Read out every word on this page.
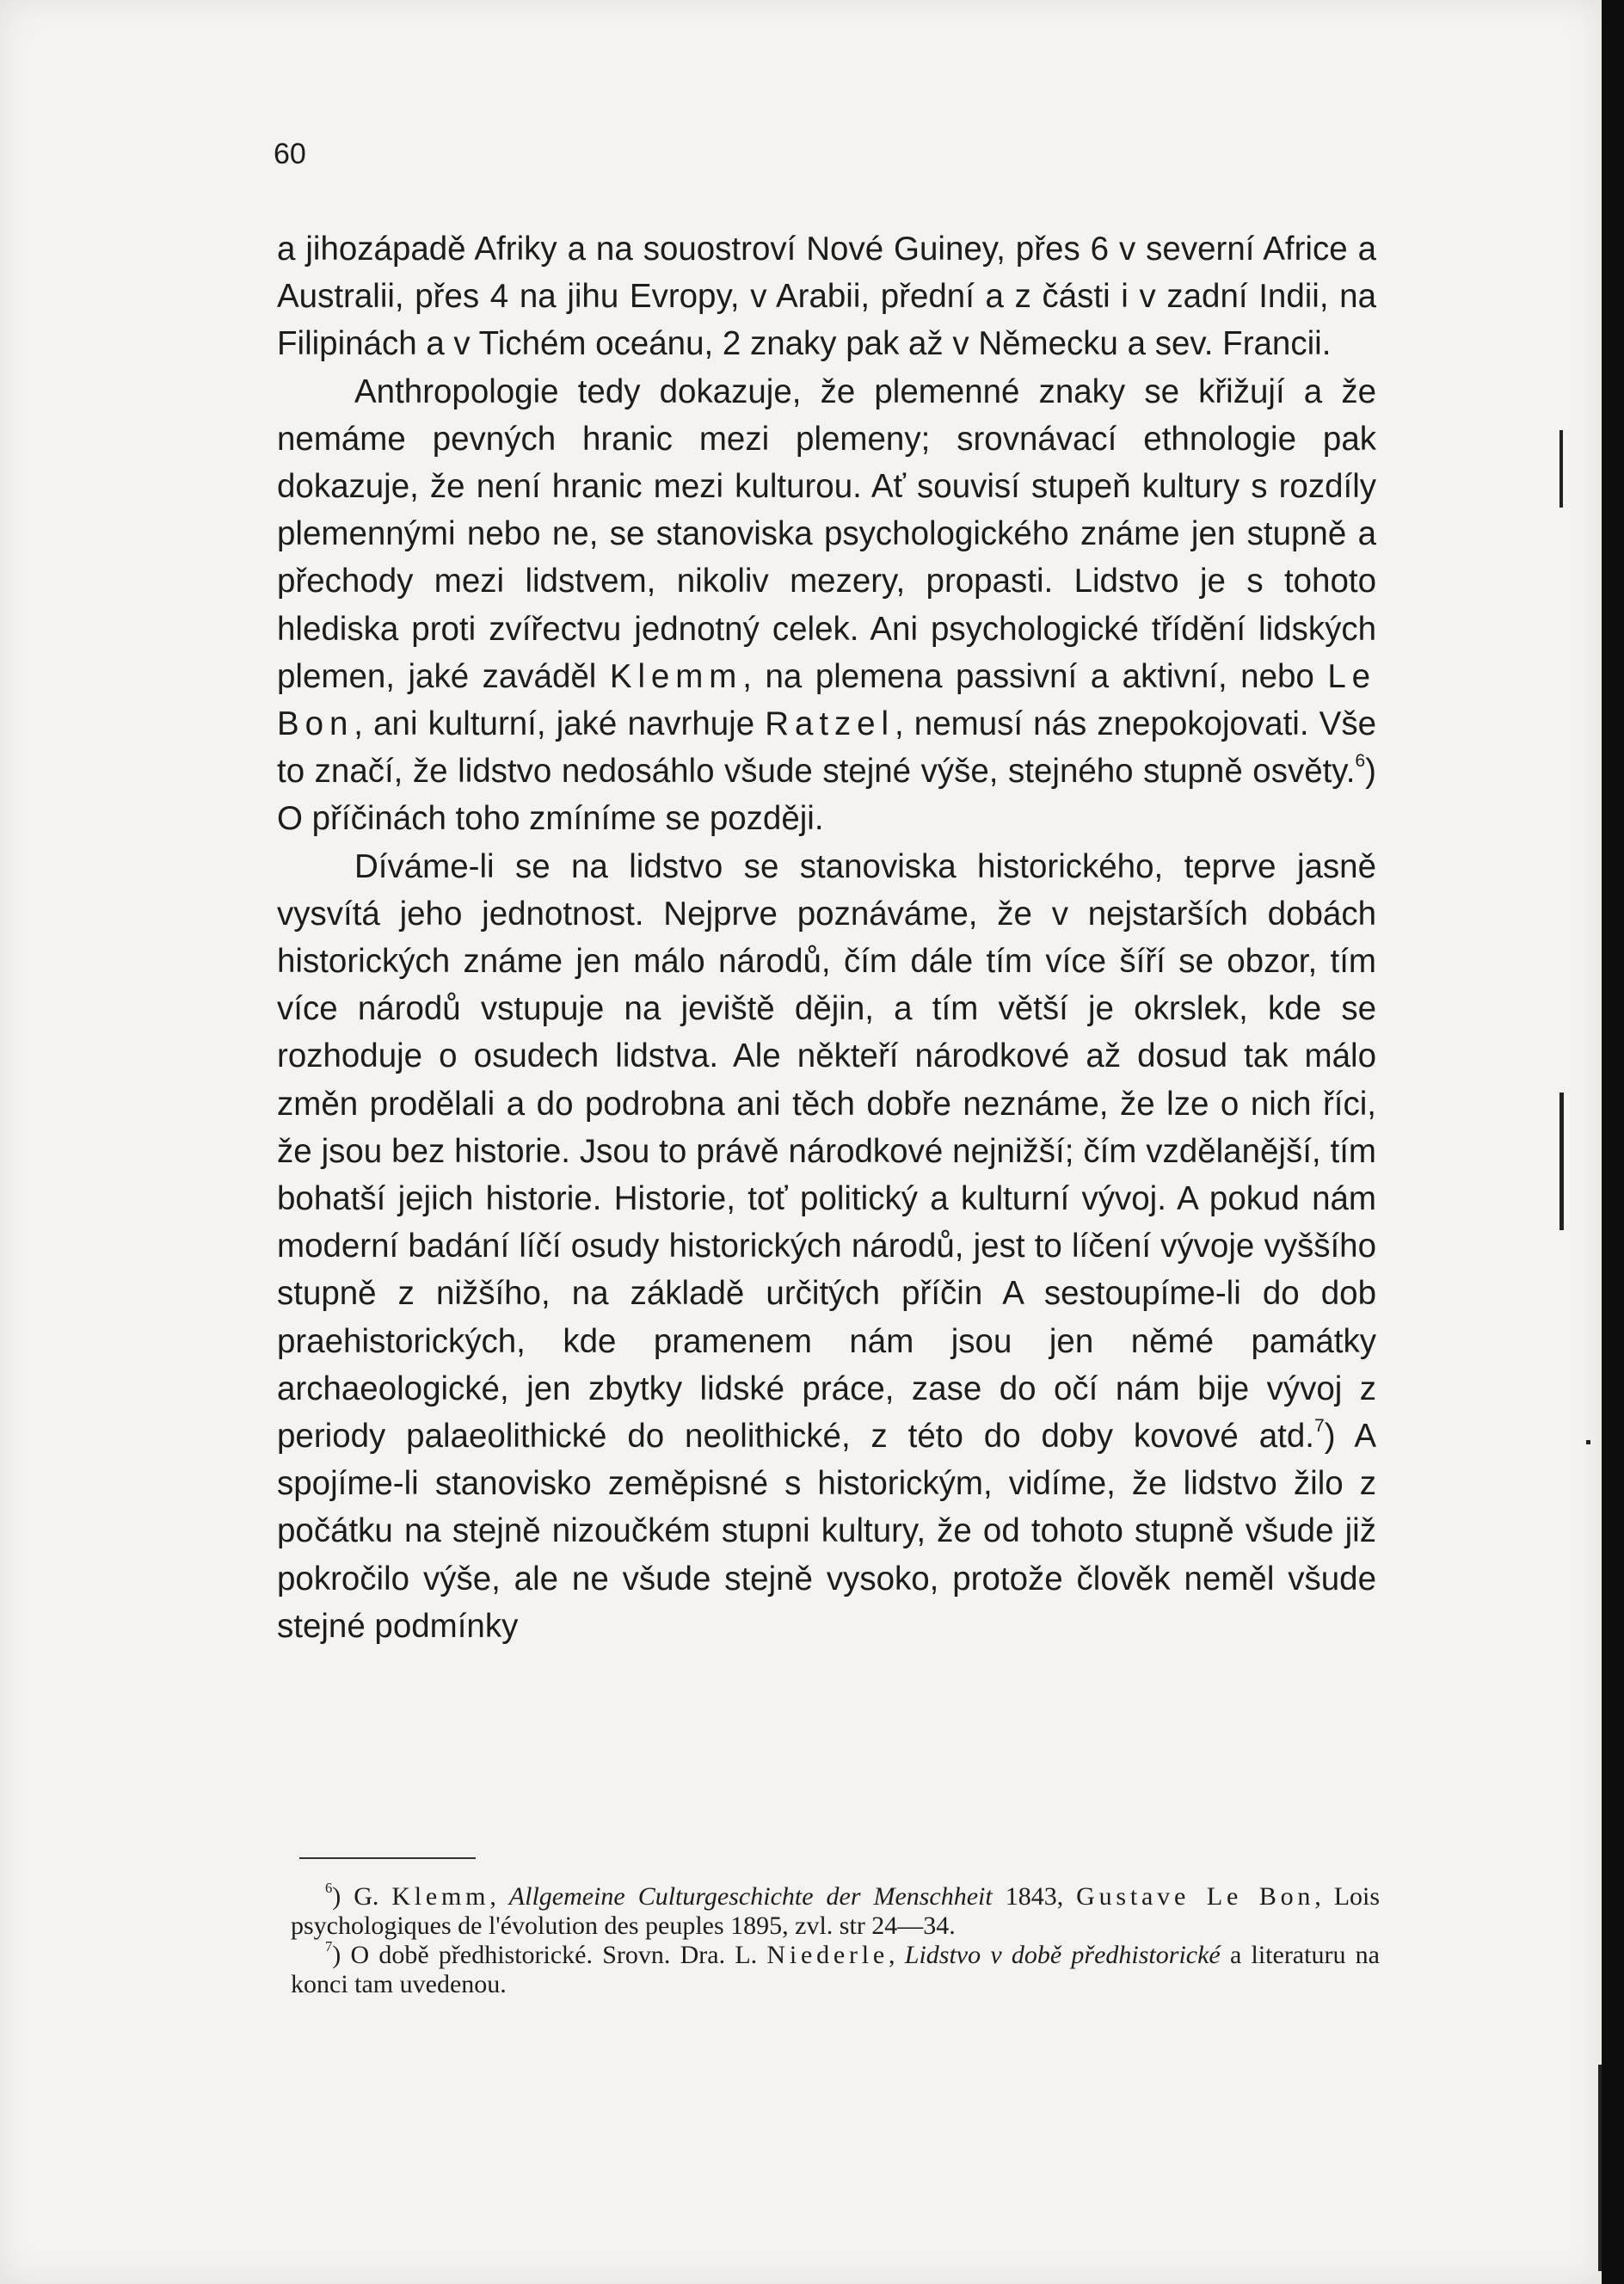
60

a jihozápadě Afriky a na souostroví Nové Guiney, přes 6 v severní Africe a Australii, přes 4 na jihu Evropy, v Arabii, přední a z části i v zadní Indii, na Filipinách a v Tichém oceánu, 2 znaky pak až v Německu a sev. Francii.

Anthropologie tedy dokazuje, že plemenné znaky se křižují a že nemáme pevných hranic mezi plemeny; srovnávací ethnologie pak dokazuje, že není hranic mezi kulturou. Ať souvisí stupeň kultury s rozdíly plemennými nebo ne, se stanoviska psychologického známe jen stupně a přechody mezi lidstvem, nikoliv mezery, propasti. Lidstvo je s tohoto hlediska proti zvířectvu jednotný celek. Ani psychologické třídění lidských plemen, jaké zaváděl Klemm, na plemena passivní a aktivní, nebo Le Bon, ani kulturní, jaké navrhuje Ratzel, nemusí nás znepokojovati. Vše to značí, že lidstvo nedosáhlo všude stejné výše, stejného stupně osvěty.$^6$) O příčinách toho zmíníme se později.

Díváme-li se na lidstvo se stanoviska historického, teprve jasně vysvítá jeho jednotnost. Nejprve poznáváme, že v nejstarších dobách historických známe jen málo národů, čím dále tím více šíří se obzor, tím více národů vstupuje na jeviště dějin, a tím větší je okrslek, kde se rozhoduje o osudech lidstva. Ale někteří národkové až dosud tak málo změn prodělali a do podrobna ani těch dobře neznáme, že lze o nich říci, že jsou bez historie. Jsou to právě národkové nejnižší; čím vzdělanější, tím bohatší jejich historie. Historie, toť politický a kulturní vývoj. A pokud nám moderní badání líčí osudy historických národů, jest to líčení vývoje vyššího stupně z nižšího, na základě určitých příčin A sestoupíme-li do dob praehistorických, kde pramenem nám jsou jen němé památky archaeologické, jen zbytky lidské práce, zase do očí nám bije vývoj z periody palaeolithické do neolithické, z této do doby kovové atd.$^7$) A spojíme-li stanovisko zeměpisné s historickým, vidíme, že lidstvo žilo z počátku na stejně nizoučkém stupni kultury, že od tohoto stupně všude již pokročilo výše, ale ne všude stejně vysoko, protože člověk neměl všude stejné podmínky

$^6$) G. Klemm, Allgemeine Culturgeschichte der Menschheit 1843, Gustave Le Bon, Lois psychologiques de l'évolution des peuples 1895, zvl. str 24—34.

$^7$) O době předhistorické. Srovn. Dra. L. Niederle, Lidstvo v době předhistorické a literaturu na konci tam uvedenou.
